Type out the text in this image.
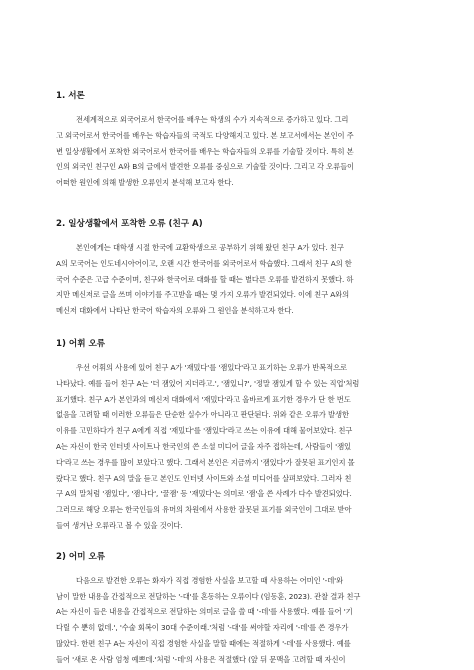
1. 서론

전세계적으로 외국어로서 한국어를 배우는 학생의 수가 지속적으로 증가하고 있다. 그리
고 외국어로서 한국어를 배우는 학습자들의 국적도 다양해지고 있다. 본 보고서에서는 본인이 주
변 일상생활에서 포착한 외국어로서 한국어를 배우는 학습자들의 오류를 기술할 것이다. 특히 본
인의 외국인 친구인 A와 B의 글에서 발견한 오류를 중심으로 기술할 것이다. 그리고 각 오류들이
어떠한 원인에 의해 발생한 오류인지 분석해 보고자 한다.

2. 일상생활에서 포착한 오류 (친구 A)

본인에게는 대학생 시절 한국에 교환학생으로 공부하기 위해 왔던 친구 A가 있다. 친구
A의 모국어는 인도네시아어이고, 오랜 시간 한국어를 외국어로서 학습했다. 그래서 친구 A의 한
국어 수준은 고급 수준이며, 친구와 한국어로 대화를 할 때는 별다른 오류를 발견하지 못했다. 하
지만 메신저로 글을 쓰며 이야기를 주고받을 때는 몇 가지 오류가 발견되었다. 이에 친구 A와의
메신저 대화에서 나타난 한국어 학습자의 오류와 그 원인을 분석하고자 한다.

1) 어휘 오류

우선 어휘의 사용에 있어 친구 A가 '재밌다'를 '잼있다'라고 표기하는 오류가 반복적으로
나타났다. 예를 들어 친구 A는 '더 잼있어 지더라고.', '잼있니?', '정말 잼있게 할 수 있는 직업'처럼
표기했다. 친구 A가 본인과의 메신저 대화에서 '재밌다'라고 올바르게 표기한 경우가 단 한 번도
없음을 고려할 때 이러한 오류들은 단순한 실수가 아니라고 판단된다. 위와 같은 오류가 발생한
이유를 고민하다가 친구 A에게 직접 '재밌다'를 '잼있다'라고 쓰는 이유에 대해 물어보았다. 친구
A는 자신이 한국 인터넷 사이트나 한국인의 쓴 소셜 미디어 글을 자주 접하는데, 사람들이 '잼있
다'라고 쓰는 경우를 많이 보았다고 했다. 그래서 본인은 지금까지 '잼있다'가 잘못된 표기인지 몰
랐다고 했다. 친구 A의 말을 듣고 본인도 인터넷 사이트와 소셜 미디어를 살펴보았다. 그러자 친
구 A의 말처럼 '잼있다', '잼나다', '꿀잼' 등 '재밌다'는 의미로 '잼'을 쓴 사례가 다수 발견되었다.
그러므로 해당 오류는 한국인들의 유머의 차원에서 사용한 잘못된 표기를 외국인이 그대로 받아
들여 생겨난 오류라고 볼 수 있을 것이다.

2) 어미 오류

다음으로 발견한 오류는 화자가 직접 경험한 사실을 보고할 때 사용하는 어미인 '-데'와
남이 말한 내용을 간접적으로 전달하는 '-대'를 혼동하는 오류이다 (임동훈, 2023). 관찰 결과 친구
A는 자신이 들은 내용을 간접적으로 전달하는 의미로 글을 쓸 때 '-데'를 사용했다. 예를 들어 '기
다릴 수 뿐히 없데.', '수술 회복이 30대 수준이래.'처럼 '-대'를 써야할 자리에 '-데'를 쓴 경우가
많았다. 한편 친구 A는 자신이 직접 경험한 사실을 말할 때에는 적절하게 '-데'를 사용했다. 예를
들어 '새로 온 사람 엄청 예쁘데.'처럼 '-데'의 사용은 적절했다 (앞 뒤 문맥을 고려할 때 자신이
